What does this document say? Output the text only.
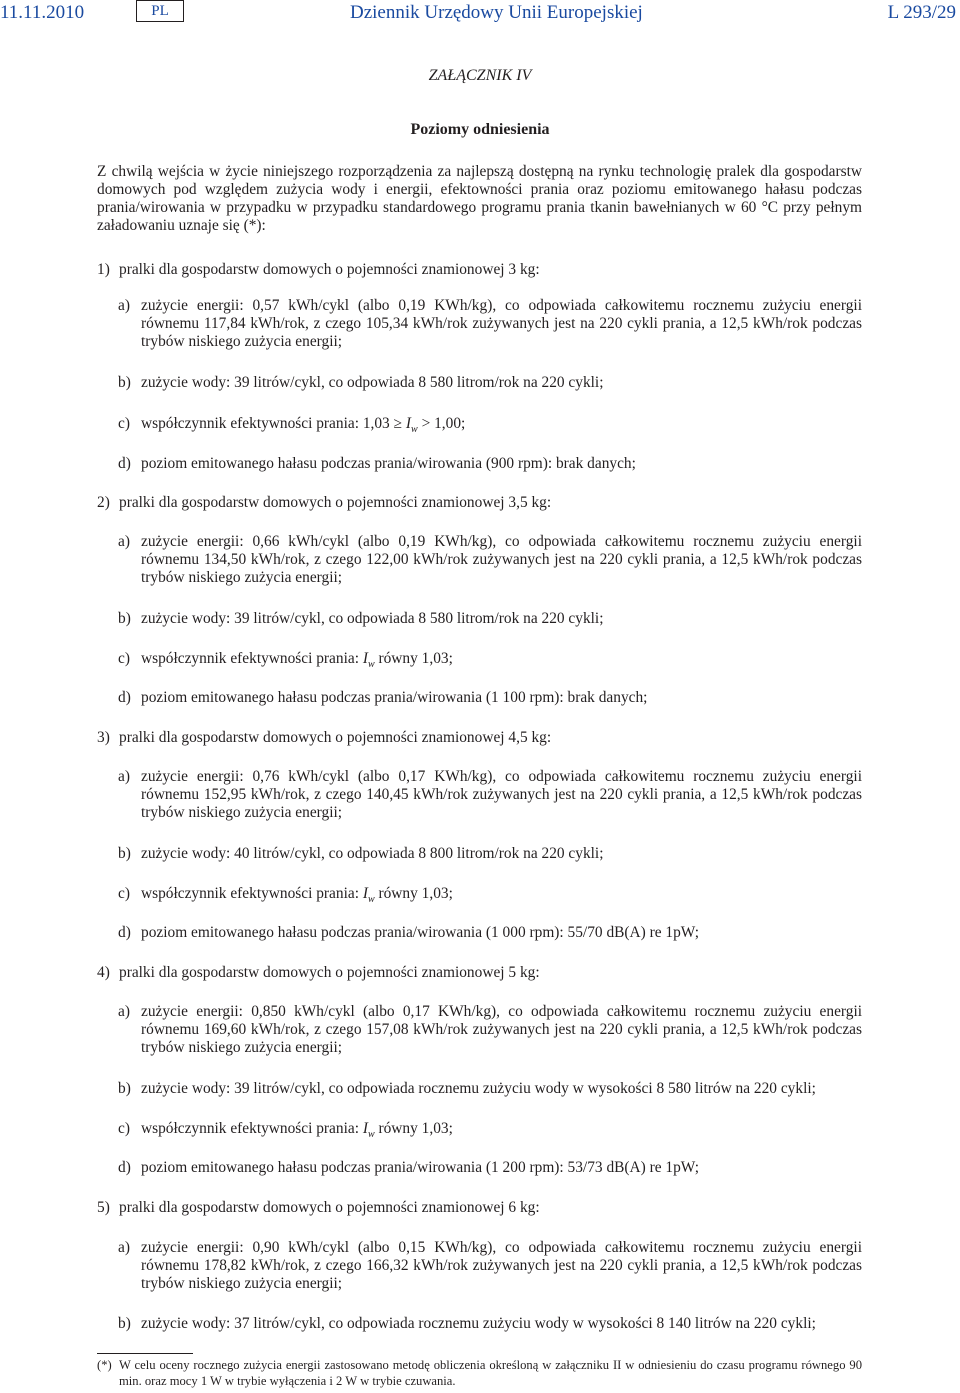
11.11.2010	PL	Dziennik Urzędowy Unii Europejskiej	L 293/29
ZAŁĄCZNIK IV
Poziomy odniesienia
Z chwilą wejścia w życie niniejszego rozporządzenia za najlepszą dostępną na rynku technologię pralek dla gospodarstw domowych pod względem zużycia wody i energii, efektowności prania oraz poziomu emitowanego hałasu podczas prania/wirowania w przypadku w przypadku standardowego programu prania tkanin bawełnianych w 60 °C przy pełnym załadowaniu uznaje się (*):
1) pralki dla gospodarstw domowych o pojemności znamionowej 3 kg:
a) zużycie energii: 0,57 kWh/cykl (albo 0,19 KWh/kg), co odpowiada całkowitemu rocznemu zużyciu energii równemu 117,84 kWh/rok, z czego 105,34 kWh/rok zużywanych jest na 220 cykli prania, a 12,5 kWh/rok podczas trybów niskiego zużycia energii;
b) zużycie wody: 39 litrów/cykl, co odpowiada 8 580 litrom/rok na 220 cykli;
c) współczynnik efektywności prania: $1,03 \ge I_w > 1,00$;
d) poziom emitowanego hałasu podczas prania/wirowania (900 rpm): brak danych;
2) pralki dla gospodarstw domowych o pojemności znamionowej 3,5 kg:
a) zużycie energii: 0,66 kWh/cykl (albo 0,19 KWh/kg), co odpowiada całkowitemu rocznemu zużyciu energii równemu 134,50 kWh/rok, z czego 122,00 kWh/rok zużywanych jest na 220 cykli prania, a 12,5 kWh/rok podczas trybów niskiego zużycia energii;
b) zużycie wody: 39 litrów/cykl, co odpowiada 8 580 litrom/rok na 220 cykli;
c) współczynnik efektywności prania: $I_w$ równy 1,03;
d) poziom emitowanego hałasu podczas prania/wirowania (1 100 rpm): brak danych;
3) pralki dla gospodarstw domowych o pojemności znamionowej 4,5 kg:
a) zużycie energii: 0,76 kWh/cykl (albo 0,17 KWh/kg), co odpowiada całkowitemu rocznemu zużyciu energii równemu 152,95 kWh/rok, z czego 140,45 kWh/rok zużywanych jest na 220 cykli prania, a 12,5 kWh/rok podczas trybów niskiego zużycia energii;
b) zużycie wody: 40 litrów/cykl, co odpowiada 8 800 litrom/rok na 220 cykli;
c) współczynnik efektywności prania: $I_w$ równy 1,03;
d) poziom emitowanego hałasu podczas prania/wirowania (1 000 rpm): 55/70 dB(A) re 1pW;
4) pralki dla gospodarstw domowych o pojemności znamionowej 5 kg:
a) zużycie energii: 0,850 kWh/cykl (albo 0,17 KWh/kg), co odpowiada całkowitemu rocznemu zużyciu energii równemu 169,60 kWh/rok, z czego 157,08 kWh/rok zużywanych jest na 220 cykli prania, a 12,5 kWh/rok podczas trybów niskiego zużycia energii;
b) zużycie wody: 39 litrów/cykl, co odpowiada rocznemu zużyciu wody w wysokości 8 580 litrów na 220 cykli;
c) współczynnik efektywności prania: $I_w$ równy 1,03;
d) poziom emitowanego hałasu podczas prania/wirowania (1 200 rpm): 53/73 dB(A) re 1pW;
5) pralki dla gospodarstw domowych o pojemności znamionowej 6 kg:
a) zużycie energii: 0,90 kWh/cykl (albo 0,15 KWh/kg), co odpowiada całkowitemu rocznemu zużyciu energii równemu 178,82 kWh/rok, z czego 166,32 kWh/rok zużywanych jest na 220 cykli prania, a 12,5 kWh/rok podczas trybów niskiego zużycia energii;
b) zużycie wody: 37 litrów/cykl, co odpowiada rocznemu zużyciu wody w wysokości 8 140 litrów na 220 cykli;
(*) W celu oceny rocznego zużycia energii zastosowano metodę obliczenia określoną w załączniku II w odniesieniu do czasu programu równego 90 min. oraz mocy 1 W w trybie wyłączenia i 2 W w trybie czuwania.
